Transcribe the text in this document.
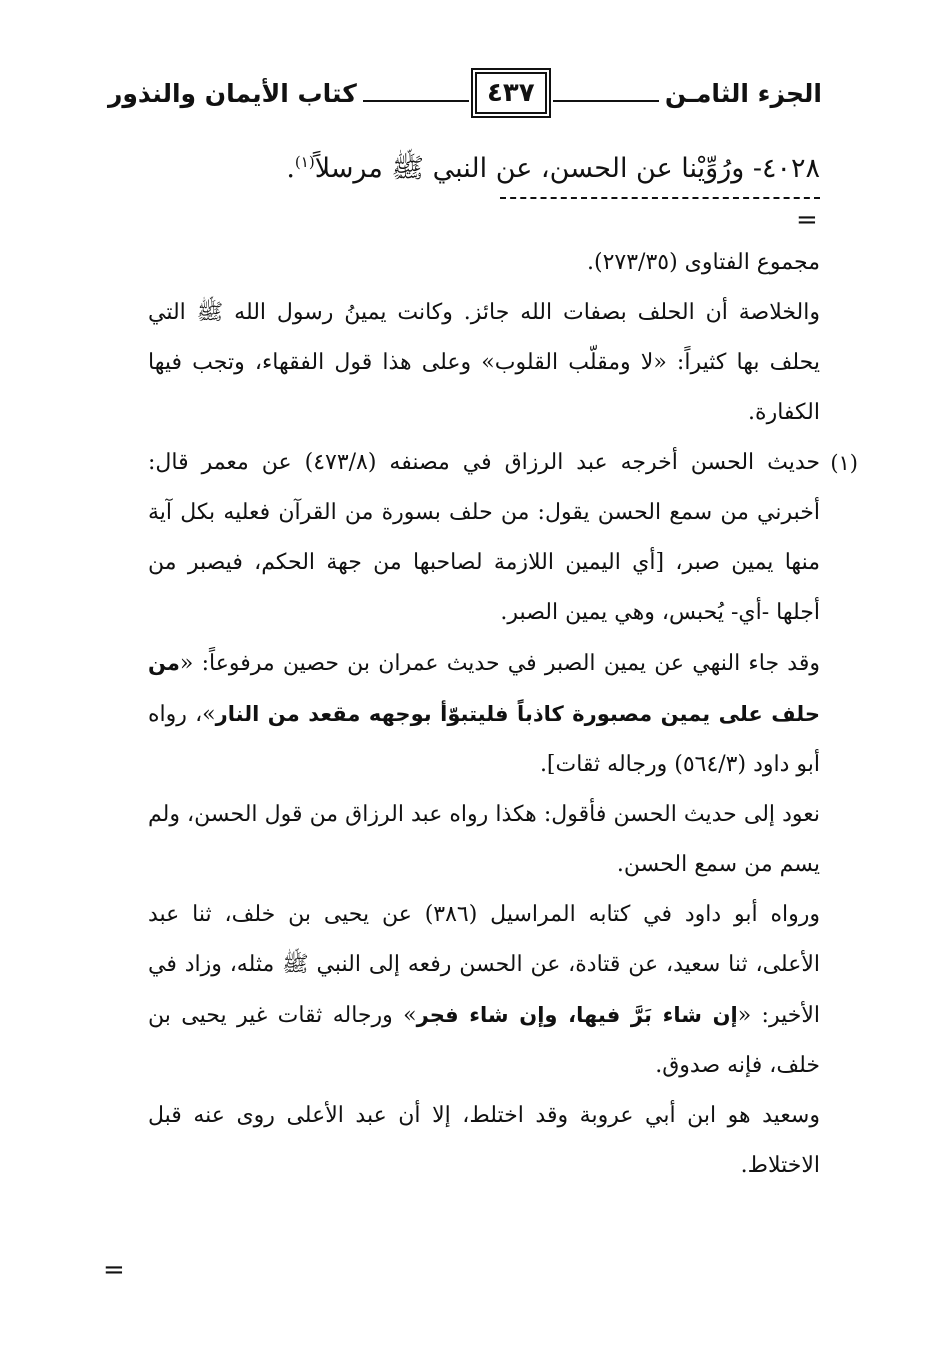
الجزء الثامـن
٤٣٧
كتاب الأيمان والنذور
٤٠٢٨- ورُوِّيْنا عن الحسن، عن النبي ﷺ مرسلاً$^{(١)}$.
=

مجموع الفتاوى (٢٧٣/٣٥).

والخلاصة أن الحلف بصفات الله جائز. وكانت يمينُ رسول الله ﷺ التي يحلف بها كثيراً: «لا ومقلّب القلوب» وعلى هذا قول الفقهاء، وتجب فيها الكفارة.

(١)
حديث الحسن أخرجه عبد الرزاق في مصنفه (٤٧٣/٨) عن معمر قال: أخبرني من سمع الحسن يقول: من حلف بسورة من القرآن فعليه بكل آية منها يمين صبر، [أي اليمين اللازمة لصاحبها من جهة الحكم، فيصبر من أجلها -أي- يُحبس، وهي يمين الصبر.

وقد جاء النهي عن يمين الصبر في حديث عمران بن حصين مرفوعاً: «من حلف على يمين مصبورة كاذباً فليتبوّأ بوجهه مقعد من النار»، رواه أبو داود (٥٦٤/٣) ورجاله ثقات].

نعود إلى حديث الحسن فأقول: هكذا رواه عبد الرزاق من قول الحسن، ولم يسم من سمع الحسن.

ورواه أبو داود في كتابه المراسيل (٣٨٦) عن يحيى بن خلف، ثنا عبد الأعلى، ثنا سعيد، عن قتادة، عن الحسن رفعه إلى النبي ﷺ مثله، وزاد في الأخير: «إن شاء بَرَّ فيها، وإن شاء فجر» ورجاله ثقات غير يحيى بن خلف، فإنه صدوق.

وسعيد هو ابن أبي عروبة وقد اختلط، إلا أن عبد الأعلى روى عنه قبل الاختلاط.

=
